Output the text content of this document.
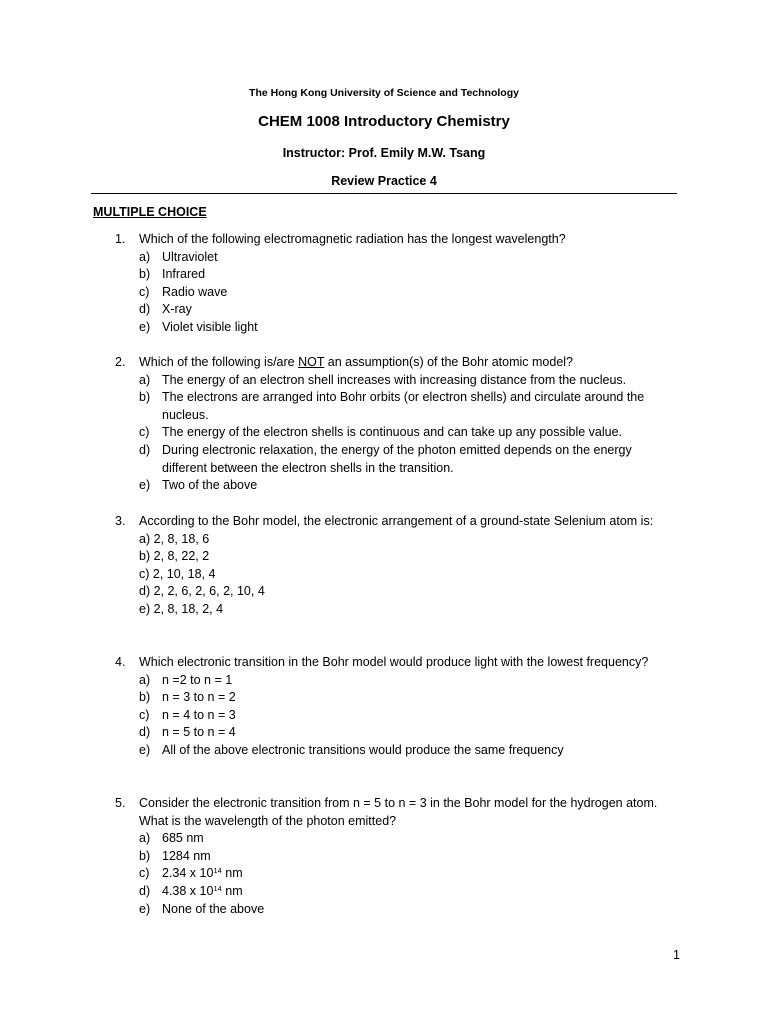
The Hong Kong University of Science and Technology
CHEM 1008 Introductory Chemistry
Instructor: Prof. Emily M.W. Tsang
Review Practice 4
MULTIPLE CHOICE
1.	Which of the following electromagnetic radiation has the longest wavelength?
a) Ultraviolet
b) Infrared
c)	Radio wave
d) X-ray
e) Violet visible light
2.	Which of the following is/are NOT an assumption(s) of the Bohr atomic model?
a) The energy of an electron shell increases with increasing distance from the nucleus.
b) The electrons are arranged into Bohr orbits (or electron shells) and circulate around the nucleus.
c)	The energy of the electron shells is continuous and can take up any possible value.
d) During electronic relaxation, the energy of the photon emitted depends on the energy different between the electron shells in the transition.
e) Two of the above
3.	According to the Bohr model, the electronic arrangement of a ground-state Selenium atom is:
a) 2, 8, 18, 6
b) 2, 8, 22, 2
c) 2, 10, 18, 4
d) 2, 2, 6, 2, 6, 2, 10, 4
e) 2, 8, 18, 2, 4
4.	Which electronic transition in the Bohr model would produce light with the lowest frequency?
a) n =2 to n = 1
b) n = 3 to n = 2
c)	n = 4 to n = 3
d) n = 5 to n = 4
e) All of the above electronic transitions would produce the same frequency
5.	Consider the electronic transition from n = 5 to n = 3 in the Bohr model for the hydrogen atom. What is the wavelength of the photon emitted?
a) 685 nm
b) 1284 nm
c)	2.34 x $10^{14}$ nm
d) 4.38 x $10^{14}$ nm
e) None of the above
1
